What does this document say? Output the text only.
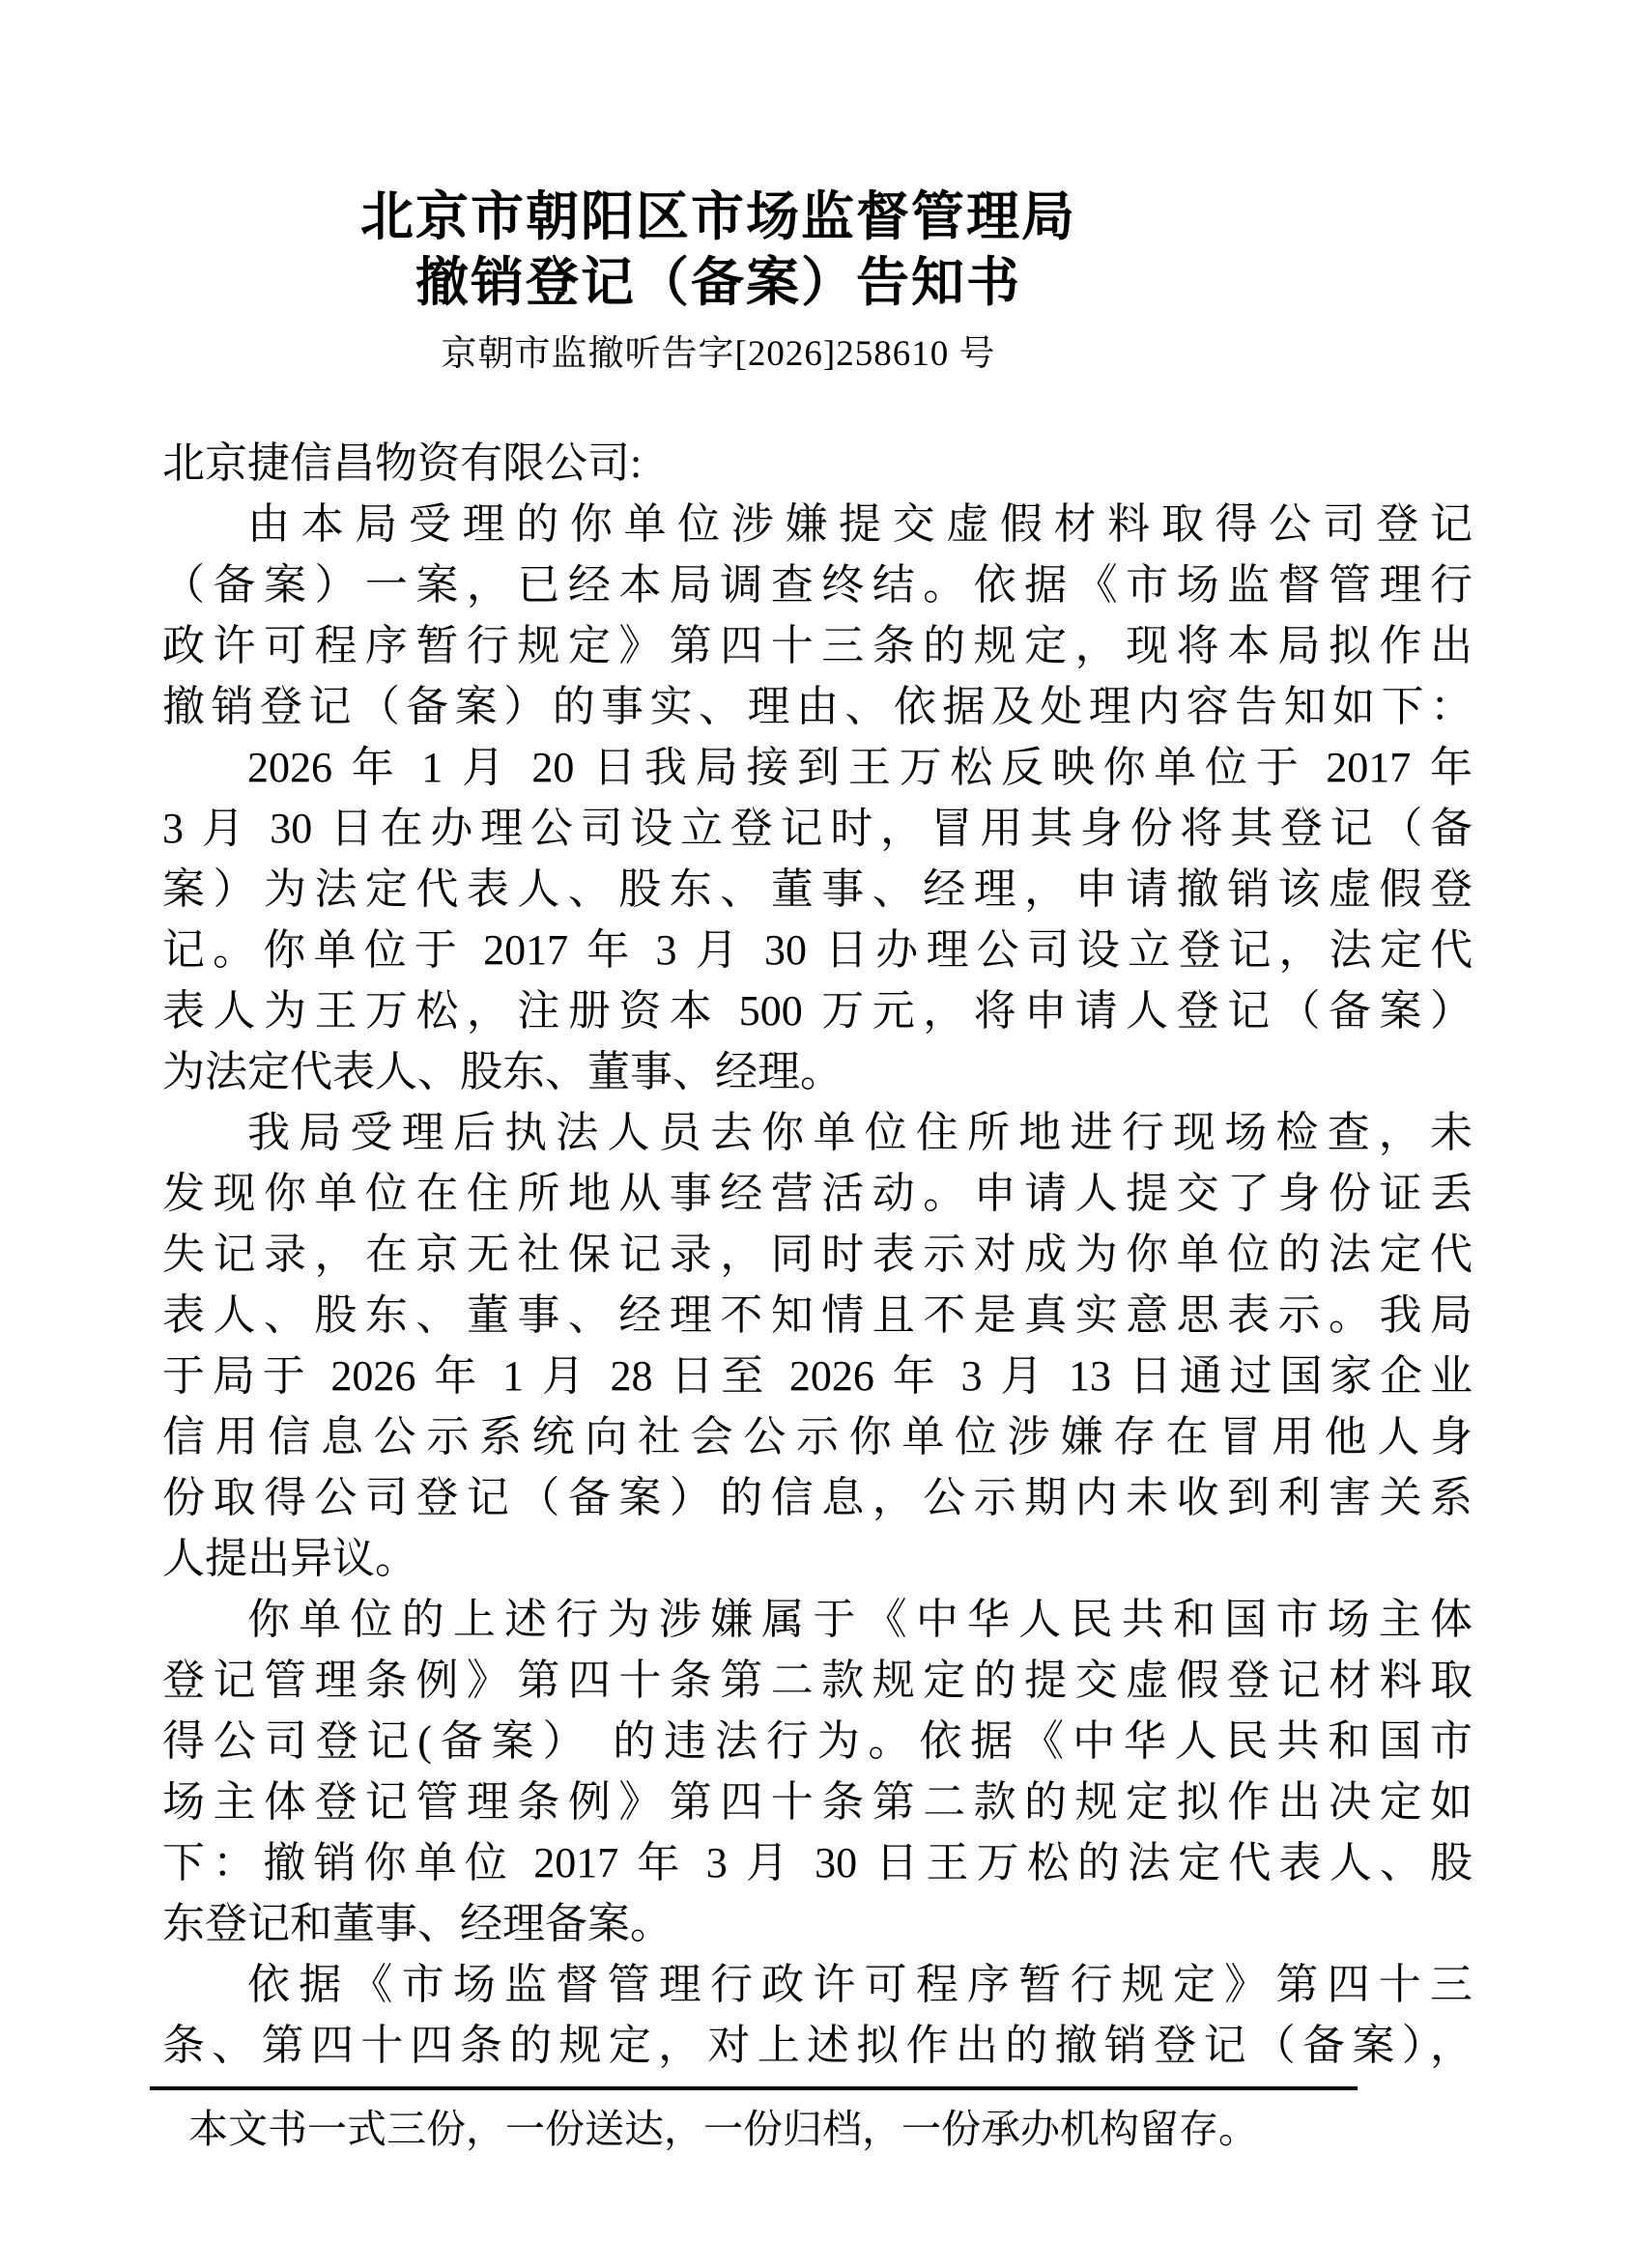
北京市朝阳区市场监督管理局
撤销登记（备案）告知书
京朝市监撤听告字[2026]258610 号
北京捷信昌物资有限公司:
由本局受理的你单位涉嫌提交虚假材料取得公司登记
（备案）一案，已经本局调查终结。依据《市场监督管理行
政许可程序暂行规定》第四十三条的规定，现将本局拟作出
撤销登记（备案）的事实、理由、依据及处理内容告知如下：
2026 年 1 月 20 日我局接到王万松反映你单位于 2017 年
3 月 30 日在办理公司设立登记时，冒用其身份将其登记（备
案）为法定代表人、股东、董事、经理，申请撤销该虚假登
记。你单位于 2017 年 3 月 30 日办理公司设立登记，法定代
表人为王万松，注册资本 500 万元，将申请人登记（备案）
为法定代表人、股东、董事、经理。
我局受理后执法人员去你单位住所地进行现场检查，未
发现你单位在住所地从事经营活动。申请人提交了身份证丢
失记录，在京无社保记录，同时表示对成为你单位的法定代
表人、股东、董事、经理不知情且不是真实意思表示。我局
于局于 2026 年 1 月 28 日至 2026 年 3 月 13 日通过国家企业
信用信息公示系统向社会公示你单位涉嫌存在冒用他人身
份取得公司登记（备案）的信息，公示期内未收到利害关系
人提出异议。
你单位的上述行为涉嫌属于《中华人民共和国市场主体
登记管理条例》第四十条第二款规定的提交虚假登记材料取
得公司登记(备案） 的违法行为。依据《中华人民共和国市
场主体登记管理条例》第四十条第二款的规定拟作出决定如
下：撤销你单位 2017 年 3 月 30 日王万松的法定代表人、股
东登记和董事、经理备案。
依据《市场监督管理行政许可程序暂行规定》第四十三
条、第四十四条的规定，对上述拟作出的撤销登记（备案），
本文书一式三份，一份送达，一份归档，一份承办机构留存。
